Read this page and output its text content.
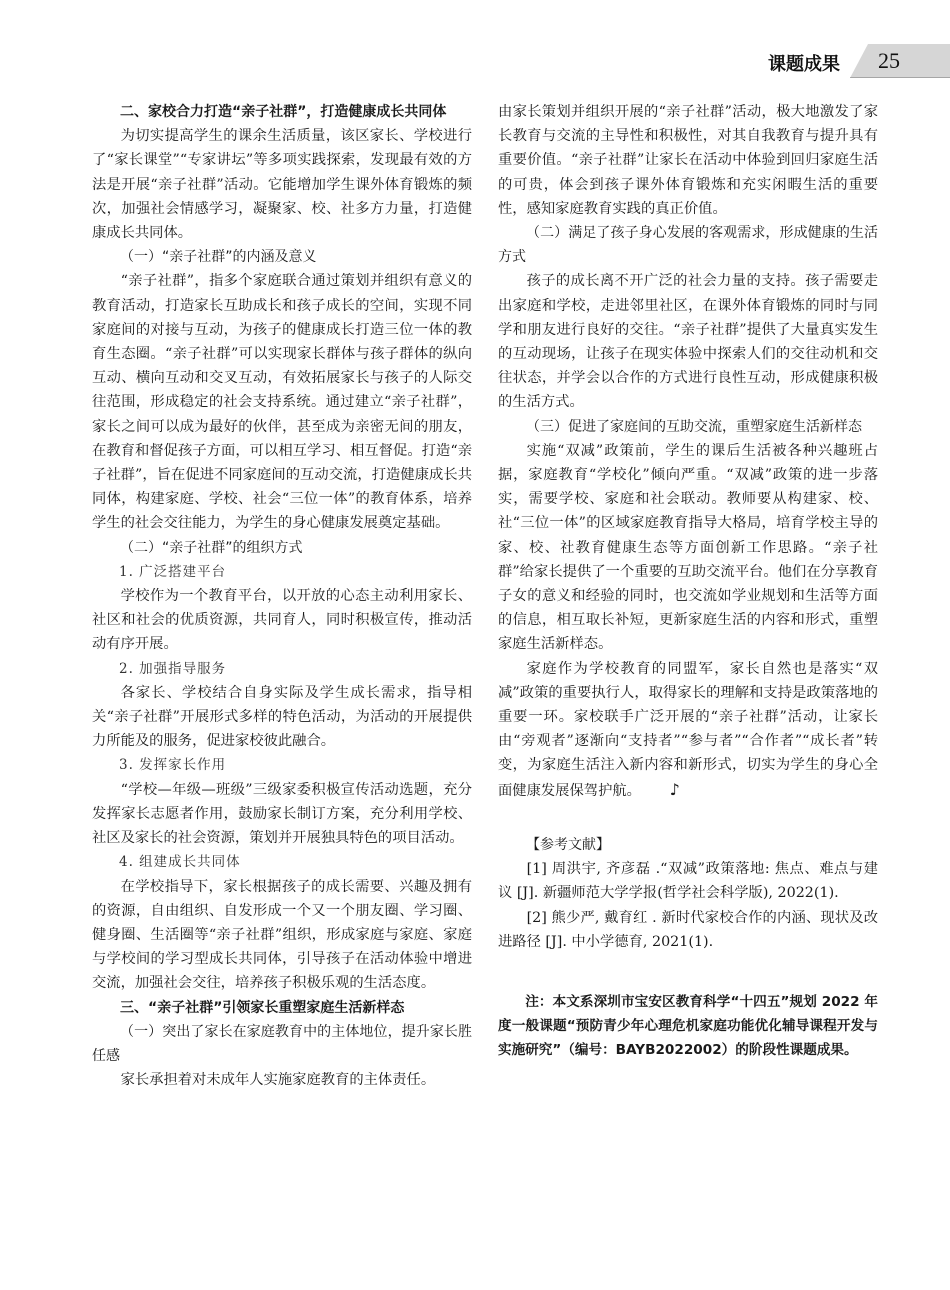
课题成果 25

二、家校合力打造“亲子社群”，打造健康成长共同体

为切实提高学生的课余生活质量，该区家长、学校进行了“家长课堂”“专家讲坛”等多项实践探索，发现最有效的方法是开展“亲子社群”活动。它能增加学生课外体育锻炼的频次，加强社会情感学习，凝聚家、校、社多方力量，打造健康成长共同体。

（一）“亲子社群”的内涵及意义

“亲子社群”，指多个家庭联合通过策划并组织有意义的教育活动，打造家长互助成长和孩子成长的空间，实现不同家庭间的对接与互动，为孩子的健康成长打造三位一体的教育生态圈。“亲子社群”可以实现家长群体与孩子群体的纵向互动、横向互动和交叉互动，有效拓展家长与孩子的人际交往范围，形成稳定的社会支持系统。通过建立“亲子社群”，家长之间可以成为最好的伙伴，甚至成为亲密无间的朋友，在教育和督促孩子方面，可以相互学习、相互督促。打造“亲子社群”，旨在促进不同家庭间的互动交流，打造健康成长共同体，构建家庭、学校、社会“三位一体”的教育体系，培养学生的社会交往能力，为学生的身心健康发展奠定基础。

（二）“亲子社群”的组织方式

1. 广泛搭建平台

学校作为一个教育平台，以开放的心态主动利用家长、社区和社会的优质资源，共同育人，同时积极宣传，推动活动有序开展。

2. 加强指导服务

各家长、学校结合自身实际及学生成长需求，指导相关“亲子社群”开展形式多样的特色活动，为活动的开展提供力所能及的服务，促进家校彼此融合。

3. 发挥家长作用

“学校—年级—班级”三级家委积极宣传活动选题，充分发挥家长志愿者作用，鼓励家长制订方案，充分利用学校、社区及家长的社会资源，策划并开展独具特色的项目活动。

4. 组建成长共同体

在学校指导下，家长根据孩子的成长需要、兴趣及拥有的资源，自由组织、自发形成一个又一个朋友圈、学习圈、健身圈、生活圈等“亲子社群”组织，形成家庭与家庭、家庭与学校间的学习型成长共同体，引导孩子在活动体验中增进交流，加强社会交往，培养孩子积极乐观的生活态度。

三、“亲子社群”引领家长重塑家庭生活新样态

（一）突出了家长在家庭教育中的主体地位，提升家长胜任感

家长承担着对未成年人实施家庭教育的主体责任。

由家长策划并组织开展的“亲子社群”活动，极大地激发了家长教育与交流的主导性和积极性，对其自我教育与提升具有重要价值。“亲子社群”让家长在活动中体验到回归家庭生活的可贵，体会到孩子课外体育锻炼和充实闲暇生活的重要性，感知家庭教育实践的真正价值。

（二）满足了孩子身心发展的客观需求，形成健康的生活方式

孩子的成长离不开广泛的社会力量的支持。孩子需要走出家庭和学校，走进邻里社区，在课外体育锻炼的同时与同学和朋友进行良好的交往。“亲子社群”提供了大量真实发生的互动现场，让孩子在现实体验中探索人们的交往动机和交往状态，并学会以合作的方式进行良性互动，形成健康积极的生活方式。

（三）促进了家庭间的互助交流，重塑家庭生活新样态

实施“双减”政策前，学生的课后生活被各种兴趣班占据，家庭教育“学校化”倾向严重。“双减”政策的进一步落实，需要学校、家庭和社会联动。教师要从构建家、校、社“三位一体”的区域家庭教育指导大格局，培育学校主导的家、校、社教育健康生态等方面创新工作思路。“亲子社群”给家长提供了一个重要的互助交流平台。他们在分享教育子女的意义和经验的同时，也交流如学业规划和生活等方面的信息，相互取长补短，更新家庭生活的内容和形式，重塑家庭生活新样态。

家庭作为学校教育的同盟军，家长自然也是落实“双减”政策的重要执行人，取得家长的理解和支持是政策落地的重要一环。家校联手广泛开展的“亲子社群”活动，让家长由“旁观者”逐渐向“支持者”“参与者”“合作者”“成长者”转变，为家庭生活注入新内容和新形式，切实为学生的身心全面健康发展保驾护航。 ♪

【参考文献】

[1] 周洪宇, 齐彦磊 .“双减”政策落地: 焦点、难点与建议 [J]. 新疆师范大学学报(哲学社会科学版), 2022(1).

[2] 熊少严, 戴育红 . 新时代家校合作的内涵、现状及改进路径 [J]. 中小学德育, 2021(1).

注：本文系深圳市宝安区教育科学“十四五”规划 2022 年度一般课题“预防青少年心理危机家庭功能优化辅导课程开发与实施研究”（编号：BAYB2022002）的阶段性课题成果。
